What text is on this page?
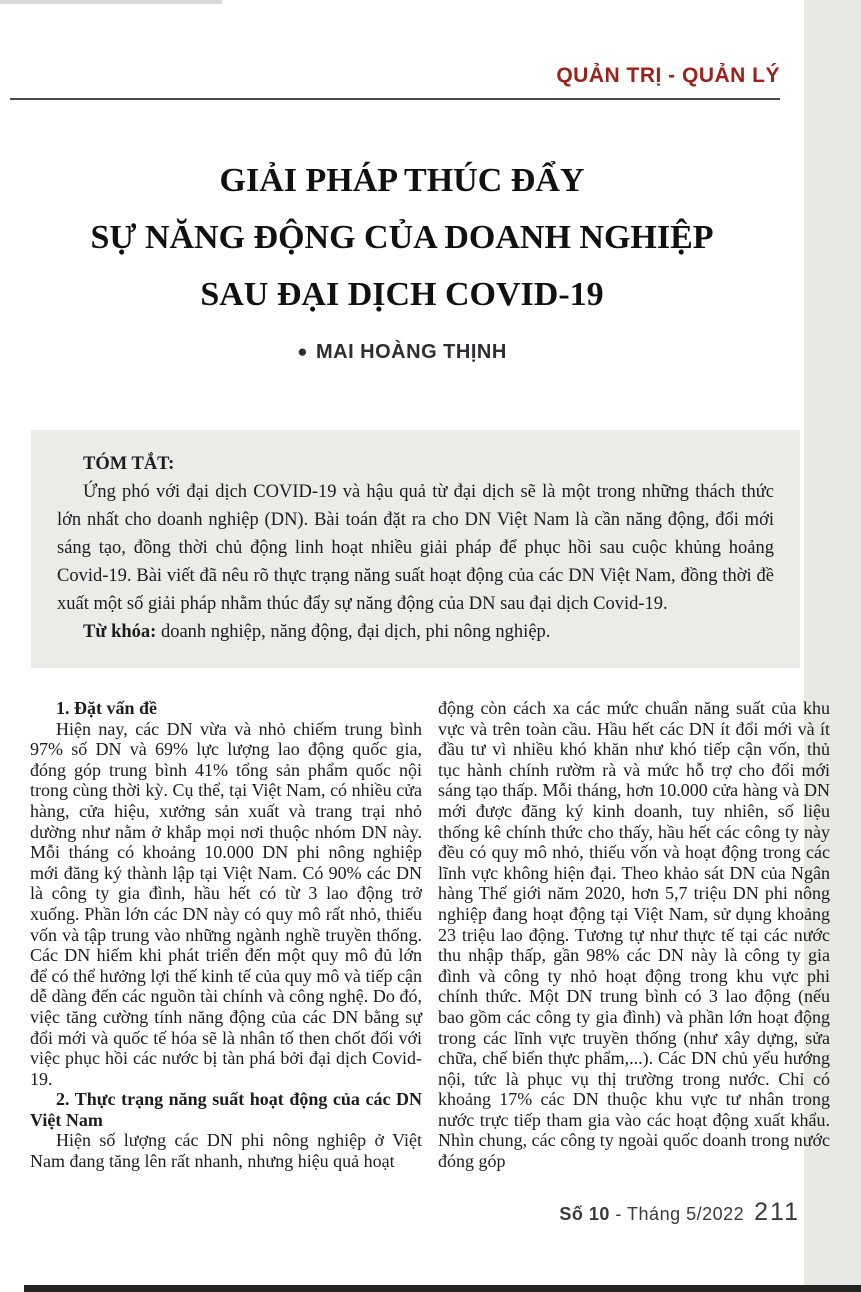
QUẢN TRỊ - QUẢN LÝ
GIẢI PHÁP THÚC ĐẨY
SỰ NĂNG ĐỘNG CỦA DOANH NGHIỆP
SAU ĐẠI DỊCH COVID-19
● MAI HOÀNG THỊNH
TÓM TẮT:

Ứng phó với đại dịch COVID-19 và hậu quả từ đại dịch sẽ là một trong những thách thức lớn nhất cho doanh nghiệp (DN). Bài toán đặt ra cho DN Việt Nam là cần năng động, đổi mới sáng tạo, đồng thời chủ động linh hoạt nhiều giải pháp để phục hồi sau cuộc khủng hoảng Covid-19. Bài viết đã nêu rõ thực trạng năng suất hoạt động của các DN Việt Nam, đồng thời đề xuất một số giải pháp nhằm thúc đẩy sự năng động của DN sau đại dịch Covid-19.

Từ khóa: doanh nghiệp, năng động, đại dịch, phi nông nghiệp.

1. Đặt vấn đề

Hiện nay, các DN vừa và nhỏ chiếm trung bình 97% số DN và 69% lực lượng lao động quốc gia, đóng góp trung bình 41% tổng sản phẩm quốc nội trong cùng thời kỳ. Cụ thể, tại Việt Nam, có nhiều cửa hàng, cửa hiệu, xưởng sản xuất và trang trại nhỏ dường như nằm ở khắp mọi nơi thuộc nhóm DN này. Mỗi tháng có khoảng 10.000 DN phi nông nghiệp mới đăng ký thành lập tại Việt Nam. Có 90% các DN là công ty gia đình, hầu hết có từ 3 lao động trở xuống. Phần lớn các DN này có quy mô rất nhỏ, thiếu vốn và tập trung vào những ngành nghề truyền thống. Các DN hiếm khi phát triển đến một quy mô đủ lớn để có thể hưởng lợi thế kinh tế của quy mô và tiếp cận dễ dàng đến các nguồn tài chính và công nghệ. Do đó, việc tăng cường tính năng động của các DN bằng sự đổi mới và quốc tế hóa sẽ là nhân tố then chốt đối với việc phục hồi các nước bị tàn phá bởi đại dịch Covid-19.

2. Thực trạng năng suất hoạt động của các DN Việt Nam

Hiện số lượng các DN phi nông nghiệp ở Việt Nam đang tăng lên rất nhanh, nhưng hiệu quả hoạt

động còn cách xa các mức chuẩn năng suất của khu vực và trên toàn cầu. Hầu hết các DN ít đổi mới và ít đầu tư vì nhiều khó khăn như khó tiếp cận vốn, thủ tục hành chính rườm rà và mức hỗ trợ cho đổi mới sáng tạo thấp. Mỗi tháng, hơn 10.000 cửa hàng và DN mới được đăng ký kinh doanh, tuy nhiên, số liệu thống kê chính thức cho thấy, hầu hết các công ty này đều có quy mô nhỏ, thiếu vốn và hoạt động trong các lĩnh vực không hiện đại. Theo khảo sát DN của Ngân hàng Thế giới năm 2020, hơn 5,7 triệu DN phi nông nghiệp đang hoạt động tại Việt Nam, sử dụng khoảng 23 triệu lao động. Tương tự như thực tế tại các nước thu nhập thấp, gần 98% các DN này là công ty gia đình và công ty nhỏ hoạt động trong khu vực phi chính thức. Một DN trung bình có 3 lao động (nếu bao gồm các công ty gia đình) và phần lớn hoạt động trong các lĩnh vực truyền thống (như xây dựng, sửa chữa, chế biến thực phẩm,...). Các DN chủ yếu hướng nội, tức là phục vụ thị trường trong nước. Chỉ có khoảng 17% các DN thuộc khu vực tư nhân trong nước trực tiếp tham gia vào các hoạt động xuất khẩu. Nhìn chung, các công ty ngoài quốc doanh trong nước đóng góp

Số 10 - Tháng 5/2022 211
